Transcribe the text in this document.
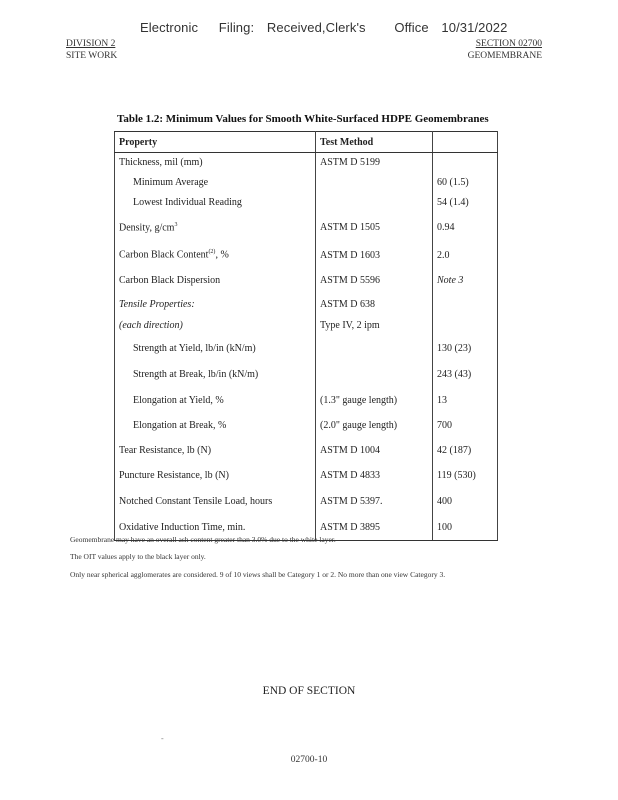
Electronic Filing: Received,Clerk's Office 10/31/2022
DIVISION 2
SITE WORK
SECTION 02700
GEOMEMBRANE
Table 1.2: Minimum Values for Smooth White-Surfaced HDPE Geomembranes
Property	Test Method	
Thickness, mil (mm)	ASTM D 5199	
Minimum Average		60 (1.5)
Lowest Individual Reading		54 (1.4)
Density, $g/cm^3$	ASTM D 1505	0.94
Carbon Black Content$^{(2)}$, %	ASTM D 1603	2.0
Carbon Black Dispersion	ASTM D 5596	Note 3
Tensile Properties:	ASTM D 638	
(each direction)	Type IV, 2 ipm	
Strength at Yield, lb/in (kN/m)		130 (23)
Strength at Break, lb/in (kN/m)		243 (43)
Elongation at Yield, %	(1.3" gauge length)	13
Elongation at Break, %	(2.0" gauge length)	700
Tear Resistance, lb (N)	ASTM D 1004	42 (187)
Puncture Resistance, lb (N)	ASTM D 4833	119 (530)
Notched Constant Tensile Load, hours	ASTM D 5397.	400
Oxidative Induction Time, min.	ASTM D 3895	100
Geomembrane may have an overall ash content greater than 3.0% due to the white layer.
The OIT values apply to the black layer only.
Only near spherical agglomerates are considered. 9 of 10 views shall be Category 1 or 2. No more than one view Category 3.
END OF SECTION
-
02700-10
